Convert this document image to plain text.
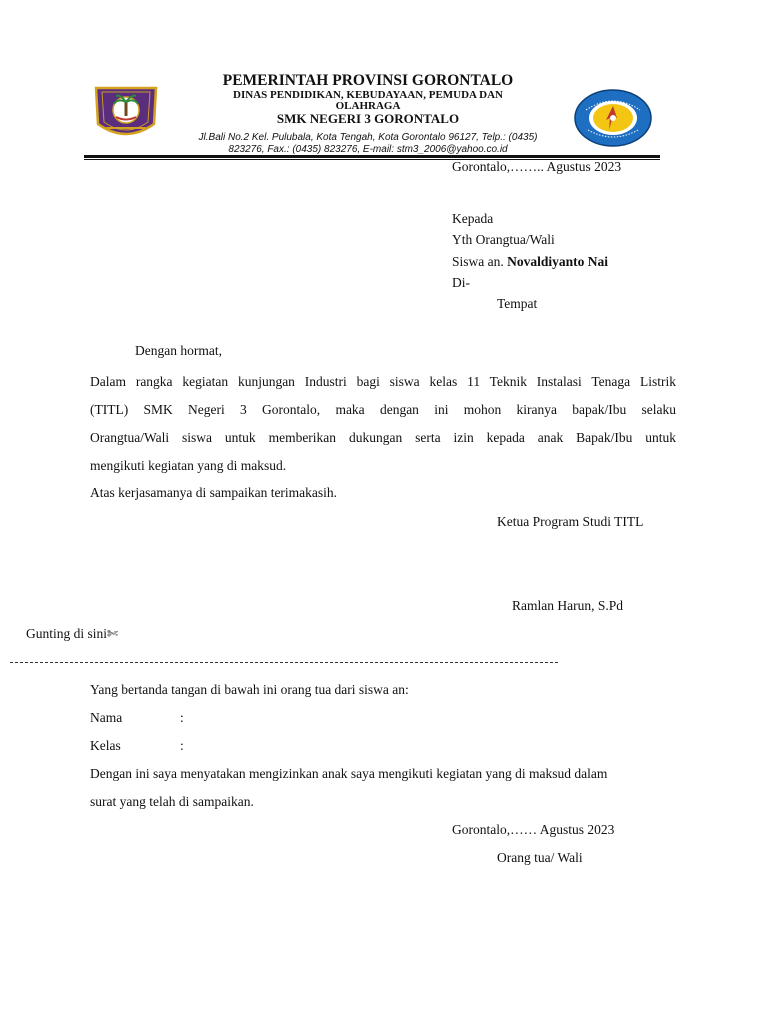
PEMERINTAH PROVINSI GORONTALO
DINAS PENDIDIKAN, KEBUDAYAAN, PEMUDA DAN
OLAHRAGA
SMK NEGERI 3 GORONTALO
Jl.Bali No.2 Kel. Pulubala, Kota Tengah, Kota Gorontalo 96127, Telp.: (0435)
823276, Fax.: (0435) 823276, E-mail: stm3_2006@yahoo.co.id
Gorontalo,…….. Agustus 2023
Kepada
Yth Orangtua/Wali
Siswa an. Novaldiyanto Nai
Di-
Tempat
Dengan hormat,
Dalam rangka kegiatan kunjungan Industri bagi siswa kelas 11 Teknik Instalasi Tenaga Listrik
(TITL) SMK Negeri 3 Gorontalo, maka dengan ini mohon kiranya bapak/Ibu selaku
Orangtua/Wali siswa untuk memberikan dukungan serta izin kepada anak Bapak/Ibu untuk
mengikuti kegiatan yang di maksud.
Atas kerjasamanya di sampaikan terimakasih.
Ketua Program Studi TITL
Ramlan Harun, S.Pd
Gunting di sini✄
Yang bertanda tangan di bawah ini orang tua dari siswa an:
Nama	:
Kelas	:
Dengan ini saya menyatakan mengizinkan anak saya mengikuti kegiatan yang di maksud dalam
surat yang telah di sampaikan.
Gorontalo,…… Agustus 2023
Orang tua/ Wali
